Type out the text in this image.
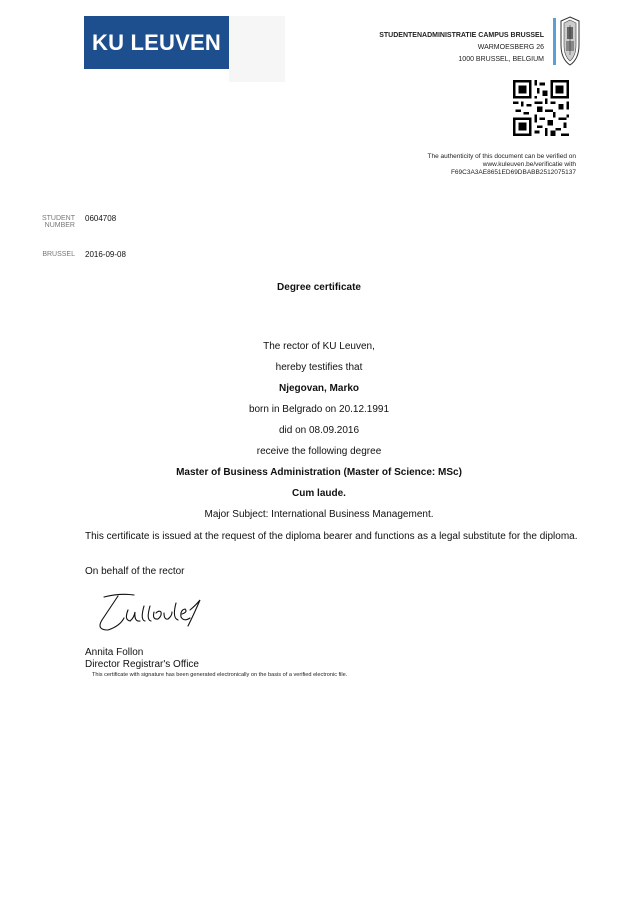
KU LEUVEN	STUDENTENADMINISTRATIE CAMPUS BRUSSEL
WARMOESBERG 26
1000 BRUSSEL, BELGIUM
The authenticity of this document can be verified on
www.kuleuven.be/verificatie with
F69C3A3AE8651ED69DBABB2512075137
STUDENT NUMBER
0604708
BRUSSEL 2016-09-08
Degree certificate
The rector of KU Leuven,
hereby testifies that
Njegovan, Marko
born in Belgrado on 20.12.1991
did on 08.09.2016
receive the following degree
Master of Business Administration (Master of Science: MSc)
Cum laude.
Major Subject: International Business Management.
This certificate is issued at the request of the diploma bearer and functions as a legal substitute for the diploma.
On behalf of the rector
Annita Follon
Director Registrar's Office
This certificate with signature has been generated electronically on the basis of a verified electronic file.
